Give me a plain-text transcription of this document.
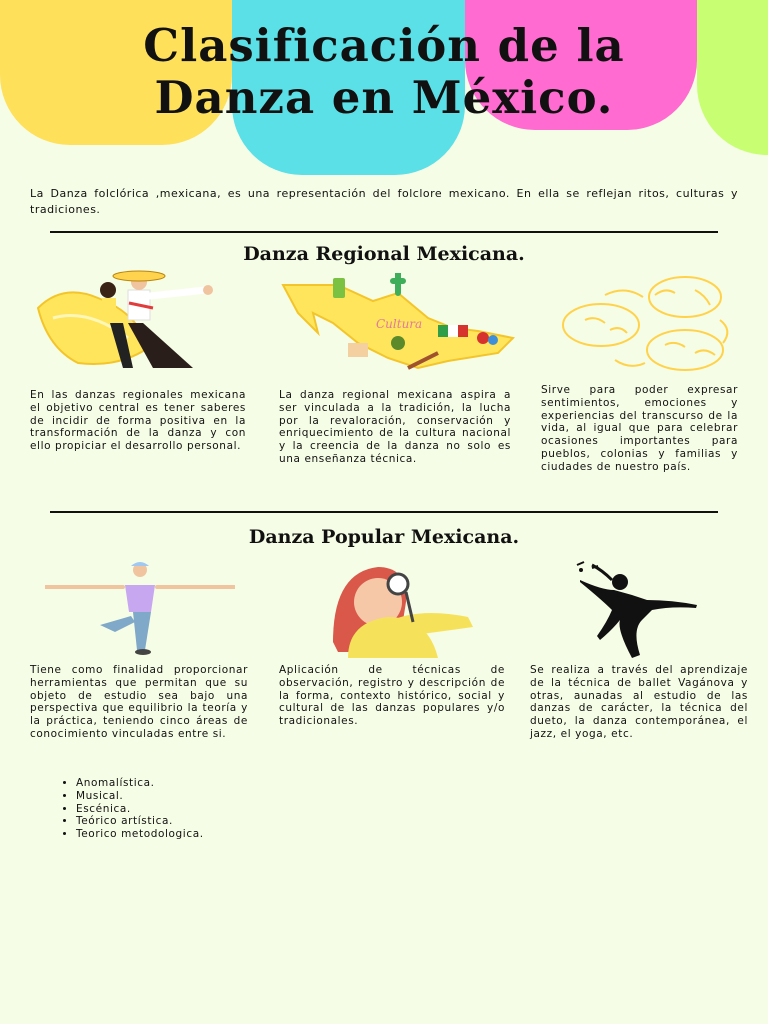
Clasificación de la
Danza en México.
La Danza folclórica ,mexicana, es una representación del folclore mexicano. En ella se reflejan ritos, culturas y tradiciones.
Danza Regional Mexicana.
Cultura
En las danzas regionales mexicana el objetivo central es tener saberes de incidir de forma positiva en la transformación de la danza y con ello propiciar el desarrollo personal.
La danza regional mexicana aspira a ser vinculada a la tradición, la lucha por la revaloración, conservación y enriquecimiento de la cultura nacional y la creencia de la danza no solo es una enseñanza técnica.
Sirve para poder expresar sentimientos, emociones y experiencias del transcurso de la vida, al igual que para celebrar ocasiones importantes para pueblos, colonias y familias y ciudades de nuestro país.
Danza Popular Mexicana.
Tiene como finalidad proporcionar herramientas que permitan que su objeto de estudio sea bajo una perspectiva que equilibrio la teoría y la práctica, teniendo cinco áreas de conocimiento vinculadas entre si.
Aplicación de técnicas de observación, registro y descripción de la forma, contexto histórico, social y cultural de las danzas populares y/o tradicionales.
Se realiza a través del aprendizaje de la técnica de ballet Vagánova y otras, aunadas al estudio de las danzas de carácter, la técnica del dueto, la danza contemporánea, el jazz, el yoga, etc.
• Anomalística.
• Musical.
• Escénica.
• Teórico artística.
• Teorico metodologica.
